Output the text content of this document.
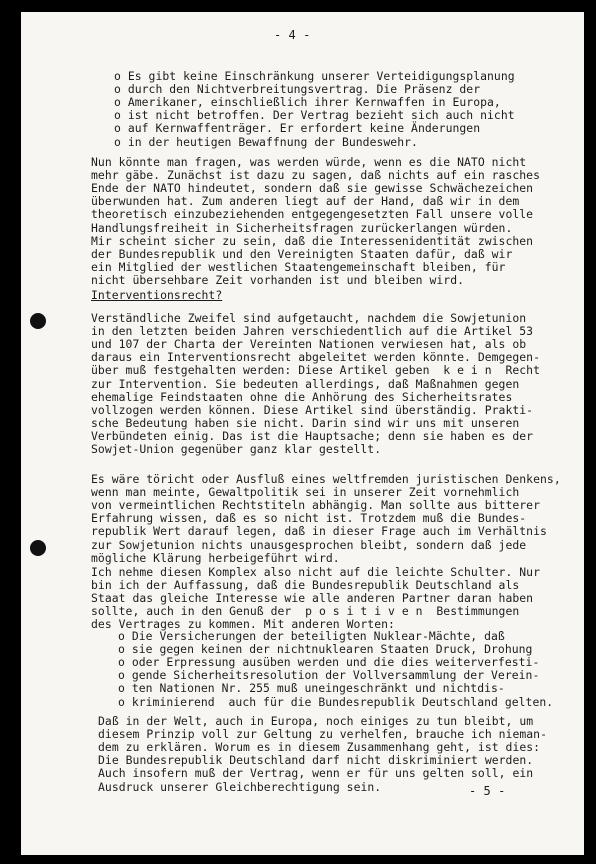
- 4 -
o Es gibt keine Einschränkung unserer Verteidigungsplanung
o durch den Nichtverbreitungsvertrag. Die Präsenz der
o Amerikaner, einschließlich ihrer Kernwaffen in Europa,
o ist nicht betroffen. Der Vertrag bezieht sich auch nicht
o auf Kernwaffenträger. Er erfordert keine Änderungen
o in der heutigen Bewaffnung der Bundeswehr.
Nun könnte man fragen, was werden würde, wenn es die NATO nicht
mehr gäbe. Zunächst ist dazu zu sagen, daß nichts auf ein rasches
Ende der NATO hindeutet, sondern daß sie gewisse Schwächezeichen
überwunden hat. Zum anderen liegt auf der Hand, daß wir in dem
theoretisch einzubeziehenden entgegengesetzten Fall unsere volle
Handlungsfreiheit in Sicherheitsfragen zurückerlangen würden.
Mir scheint sicher zu sein, daß die Interessenidentität zwischen
der Bundesrepublik und den Vereinigten Staaten dafür, daß wir
ein Mitglied der westlichen Staatengemeinschaft bleiben, für
nicht übersehbare Zeit vorhanden ist und bleiben wird.
Verständliche Zweifel sind aufgetaucht, nachdem die Sowjetunion
in den letzten beiden Jahren verschiedentlich auf die Artikel 53
und 107 der Charta der Vereinten Nationen verwiesen hat, als ob
daraus ein Interventionsrecht abgeleitet werden könnte. Demgegen-
über muß festgehalten werden: Diese Artikel geben  k e i n  Recht
zur Intervention. Sie bedeuten allerdings, daß Maßnahmen gegen
ehemalige Feindstaaten ohne die Anhörung des Sicherheitsrates
vollzogen werden können. Diese Artikel sind überständig. Prakti-
sche Bedeutung haben sie nicht. Darin sind wir uns mit unseren
Verbündeten einig. Das ist die Hauptsache; denn sie haben es der
Sowjet-Union gegenüber ganz klar gestellt.
Es wäre töricht oder Ausfluß eines weltfremden juristischen Denkens,
wenn man meinte, Gewaltpolitik sei in unserer Zeit vornehmlich
von vermeintlichen Rechtstiteln abhängig. Man sollte aus bitterer
Erfahrung wissen, daß es so nicht ist. Trotzdem muß die Bundes-
republik Wert darauf legen, daß in dieser Frage auch im Verhältnis
zur Sowjetunion nichts unausgesprochen bleibt, sondern daß jede
mögliche Klärung herbeigeführt wird.
Ich nehme diesen Komplex also nicht auf die leichte Schulter. Nur
bin ich der Auffassung, daß die Bundesrepublik Deutschland als
Staat das gleiche Interesse wie alle anderen Partner daran haben
sollte, auch in den Genuß der  p o s i t i v e n  Bestimmungen
des Vertrages zu kommen. Mit anderen Worten:
o Die Versicherungen der beteiligten Nuklear-Mächte, daß
o sie gegen keinen der nichtnuklearen Staaten Druck, Drohung
o oder Erpressung ausüben werden und die dies weiterverfesti-
o gende Sicherheitsresolution der Vollversammlung der Verein-
o ten Nationen Nr. 255 muß uneingeschränkt und nichtdis-
o kriminierend  auch für die Bundesrepublik Deutschland gelten.
Daß in der Welt, auch in Europa, noch einiges zu tun bleibt, um
diesem Prinzip voll zur Geltung zu verhelfen, brauche ich nieman-
dem zu erklären. Worum es in diesem Zusammenhang geht, ist dies:
Die Bundesrepublik Deutschland darf nicht diskriminiert werden.
Auch insofern muß der Vertrag, wenn er für uns gelten soll, ein
Ausdruck unserer Gleichberechtigung sein.
Interventionsrecht?
- 5 -
